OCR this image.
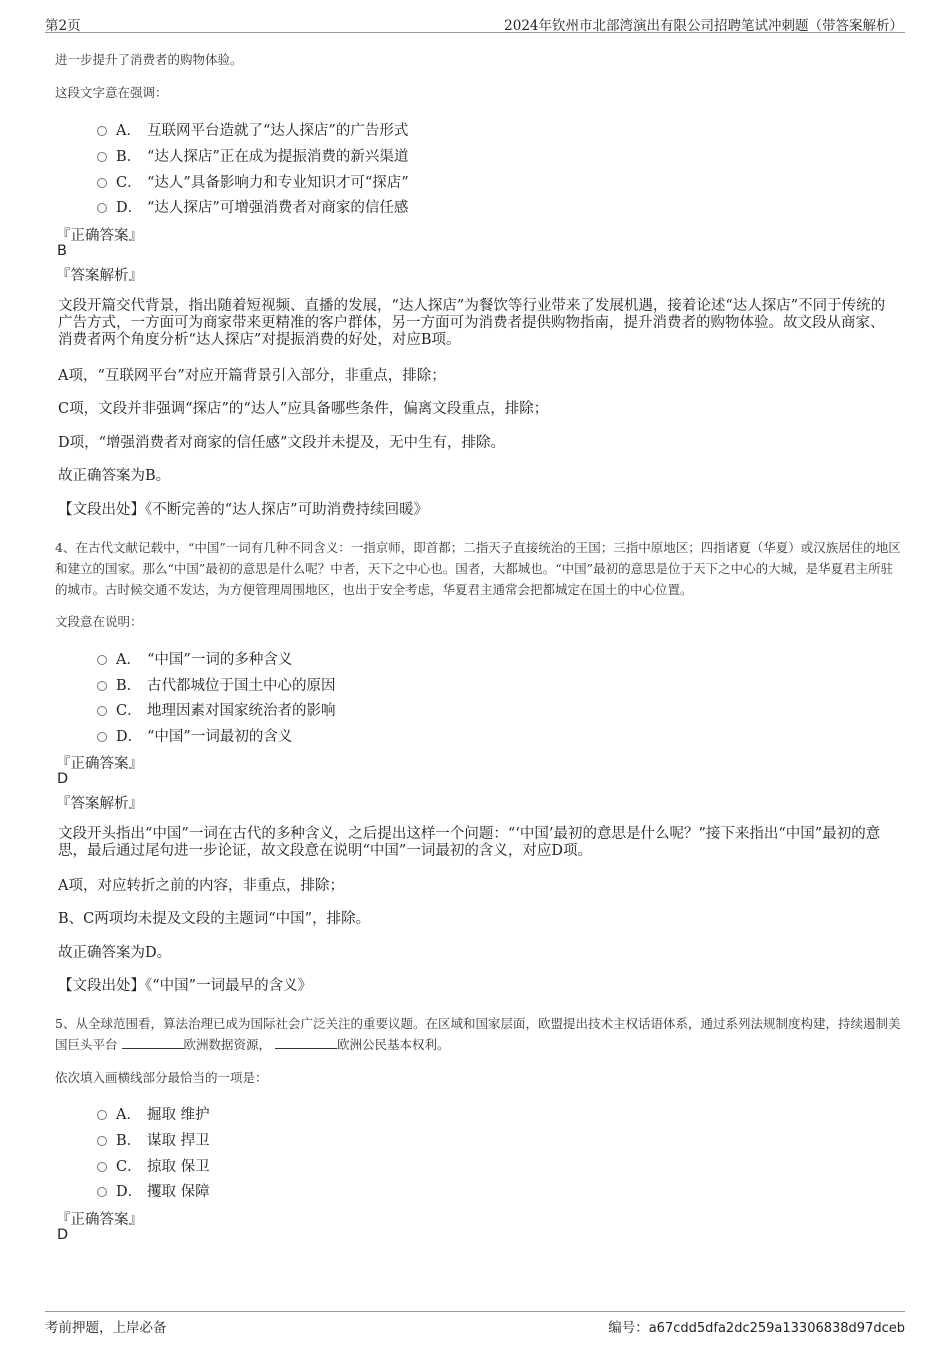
第2页	2024年钦州市北部湾演出有限公司招聘笔试冲刺题（带答案解析）
进一步提升了消费者的购物体验。
这段文字意在强调：
A． 互联网平台造就了“达人探店”的广告形式
B． “达人探店”正在成为提振消费的新兴渠道
C． “达人”具备影响力和专业知识才可“探店”
D． “达人探店”可增强消费者对商家的信任感
『正确答案』
B
『答案解析』
文段开篇交代背景，指出随着短视频、直播的发展，“达人探店”为餐饮等行业带来了发展机遇，接着论述“达人探店”不同于传统的广告方式，一方面可为商家带来更精准的客户群体，另一方面可为消费者提供购物指南，提升消费者的购物体验。故文段从商家、消费者两个角度分析“达人探店”对提振消费的好处，对应B项。
A项，“互联网平台”对应开篇背景引入部分，非重点，排除；
C项，文段并非强调“探店”的“达人”应具备哪些条件，偏离文段重点，排除；
D项，“增强消费者对商家的信任感”文段并未提及，无中生有，排除。
故正确答案为B。
【文段出处】《不断完善的“达人探店”可助消费持续回暖》
4、在古代文献记载中，“中国”一词有几种不同含义：一指京师，即首都；二指天子直接统治的王国；三指中原地区；四指诸夏（华夏）或汉族居住的地区和建立的国家。那么“中国”最初的意思是什么呢？中者，天下之中心也。国者，大都城也。“中国”最初的意思是位于天下之中心的大城，是华夏君主所驻的城市。古时候交通不发达，为方便管理周围地区，也出于安全考虑，华夏君主通常会把都城定在国土的中心位置。
文段意在说明：
A． “中国”一词的多种含义
B． 古代都城位于国土中心的原因
C． 地理因素对国家统治者的影响
D． “中国”一词最初的含义
『正确答案』
D
『答案解析』
文段开头指出“中国”一词在古代的多种含义，之后提出这样一个问题：“‘中国’最初的意思是什么呢？”接下来指出“中国”最初的意思，最后通过尾句进一步论证，故文段意在说明“中国”一词最初的含义，对应D项。
A项，对应转折之前的内容，非重点，排除；
B、C两项均未提及文段的主题词“中国”，排除。
故正确答案为D。
【文段出处】《“中国”一词最早的含义》
5、从全球范围看，算法治理已成为国际社会广泛关注的重要议题。在区域和国家层面，欧盟提出技术主权话语体系，通过系列法规制度构建，持续遏制美国巨头平台	欧洲数据资源，	欧洲公民基本权利。
依次填入画横线部分最恰当的一项是：
A． 掘取 维护
B． 谋取 捍卫
C． 掠取 保卫
D． 攫取 保障
『正确答案』
D
考前押题，上岸必备	编号：a67cdd5dfa2dc259a13306838d97dceb
